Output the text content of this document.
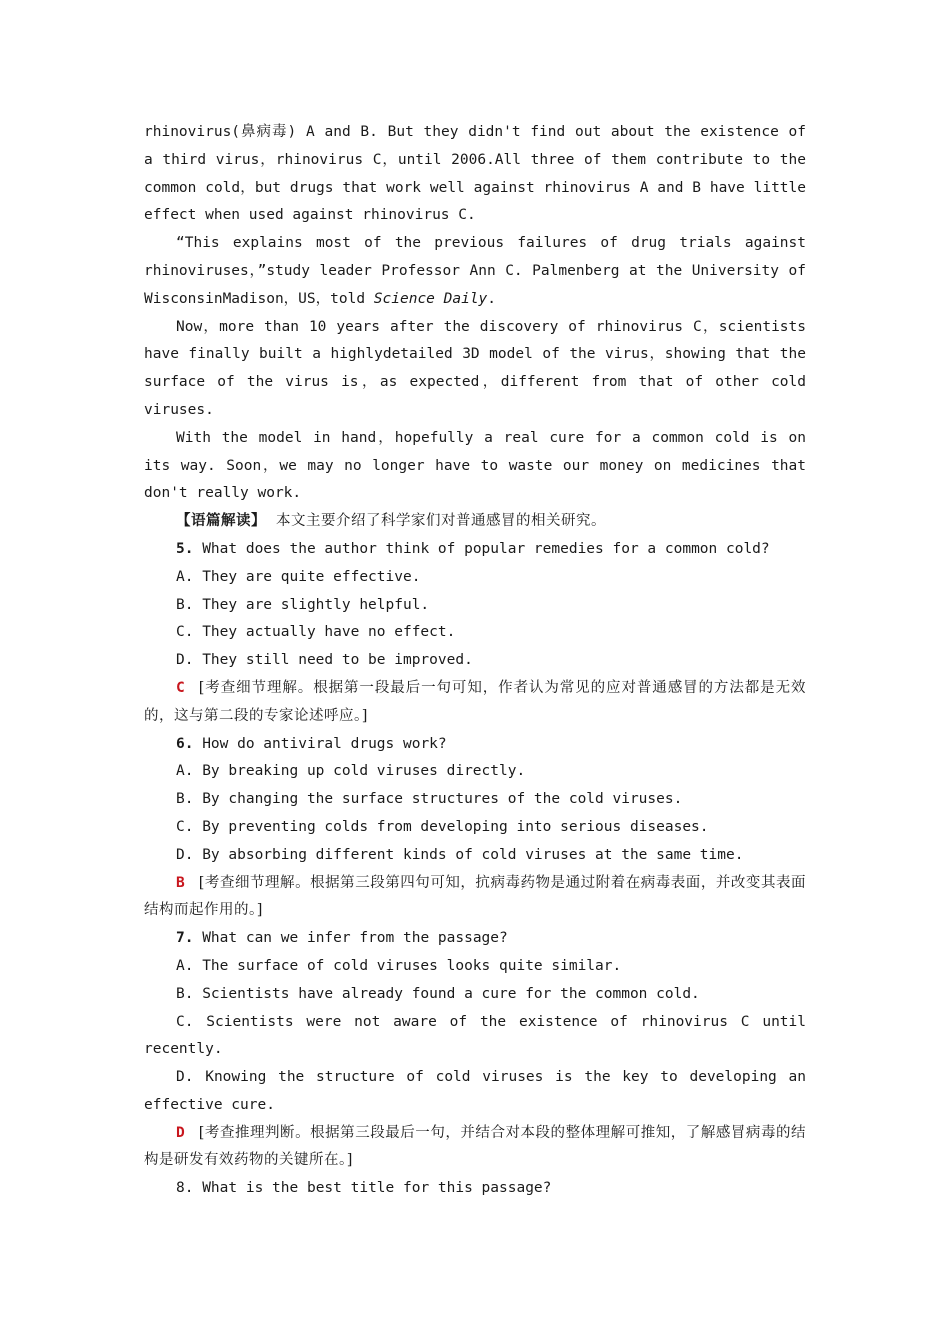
rhinovirus(鼻病毒) A and B. But they didn't find out about the existence of a third virus，rhinovirus C，until 2006.All three of them contribute to the common cold，but drugs that work well against rhinovirus A and B have little effect when used against rhinovirus C.

“This explains most of the previous failures of drug trials against rhinoviruses，”study leader Professor Ann C. Palmenberg at the University of WisconsinMadison，US，told Science Daily.

Now，more than 10 years after the discovery of rhinovirus C，scientists have finally built a highlydetailed 3D model of the virus，showing that the surface of the virus is，as expected，different from that of other cold viruses.

With the model in hand，hopefully a real cure for a common cold is on its way. Soon，we may no longer have to waste our money on medicines that don't really work.

【语篇解读】 本文主要介绍了科学家们对普通感冒的相关研究。

5. What does the author think of popular remedies for a common cold?

A. They are quite effective.

B. They are slightly helpful.

C. They actually have no effect.

D. They still need to be improved.

C [考查细节理解。根据第一段最后一句可知，作者认为常见的应对普通感冒的方法都是无效的，这与第二段的专家论述呼应。]

6. How do antiviral drugs work?

A. By breaking up cold viruses directly.

B. By changing the surface structures of the cold viruses.

C. By preventing colds from developing into serious diseases.

D. By absorbing different kinds of cold viruses at the same time.

B [考查细节理解。根据第三段第四句可知，抗病毒药物是通过附着在病毒表面，并改变其表面结构而起作用的。]

7. What can we infer from the passage?

A. The surface of cold viruses looks quite similar.

B. Scientists have already found a cure for the common cold.

C. Scientists were not aware of the existence of rhinovirus C until recently.

D. Knowing the structure of cold viruses is the key to developing an effective cure.

D [考查推理判断。根据第三段最后一句，并结合对本段的整体理解可推知，了解感冒病毒的结构是研发有效药物的关键所在。]

8. What is the best title for this passage?
